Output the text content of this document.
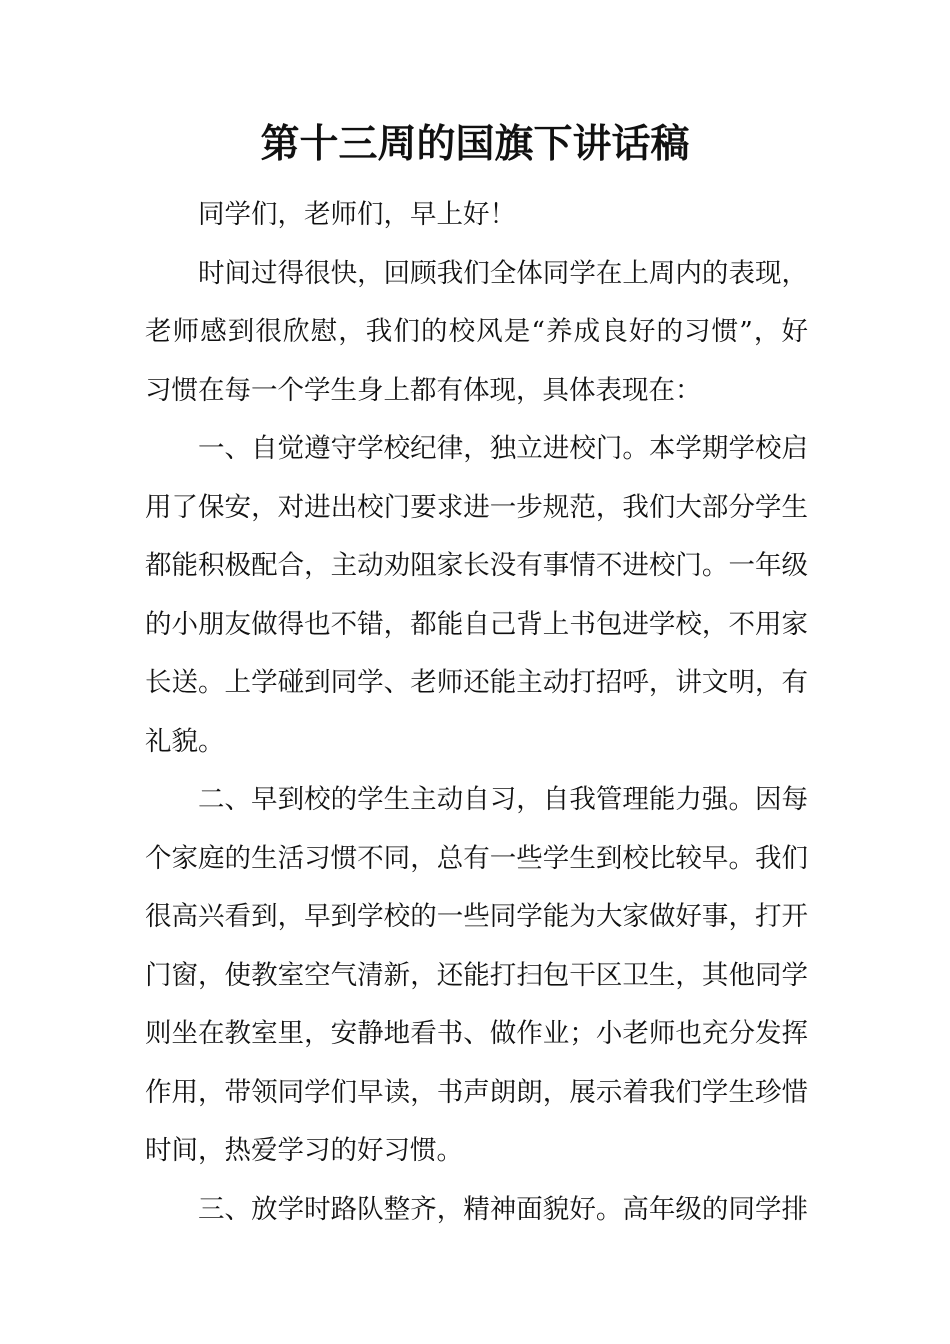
第十三周的国旗下讲话稿
同学们，老师们，早上好！
时间过得很快，回顾我们全体同学在上周内的表现，
老师感到很欣慰，我们的校风是“养成良好的习惯”，好
习惯在每一个学生身上都有体现，具体表现在：
一、自觉遵守学校纪律，独立进校门。本学期学校启
用了保安，对进出校门要求进一步规范，我们大部分学生
都能积极配合，主动劝阻家长没有事情不进校门。一年级
的小朋友做得也不错，都能自己背上书包进学校，不用家
长送。上学碰到同学、老师还能主动打招呼，讲文明，有
礼貌。
二、早到校的学生主动自习，自我管理能力强。因每
个家庭的生活习惯不同，总有一些学生到校比较早。我们
很高兴看到，早到学校的一些同学能为大家做好事，打开
门窗，使教室空气清新，还能打扫包干区卫生，其他同学
则坐在教室里，安静地看书、做作业；小老师也充分发挥
作用，带领同学们早读，书声朗朗，展示着我们学生珍惜
时间，热爱学习的好习惯。
三、放学时路队整齐，精神面貌好。高年级的同学排
